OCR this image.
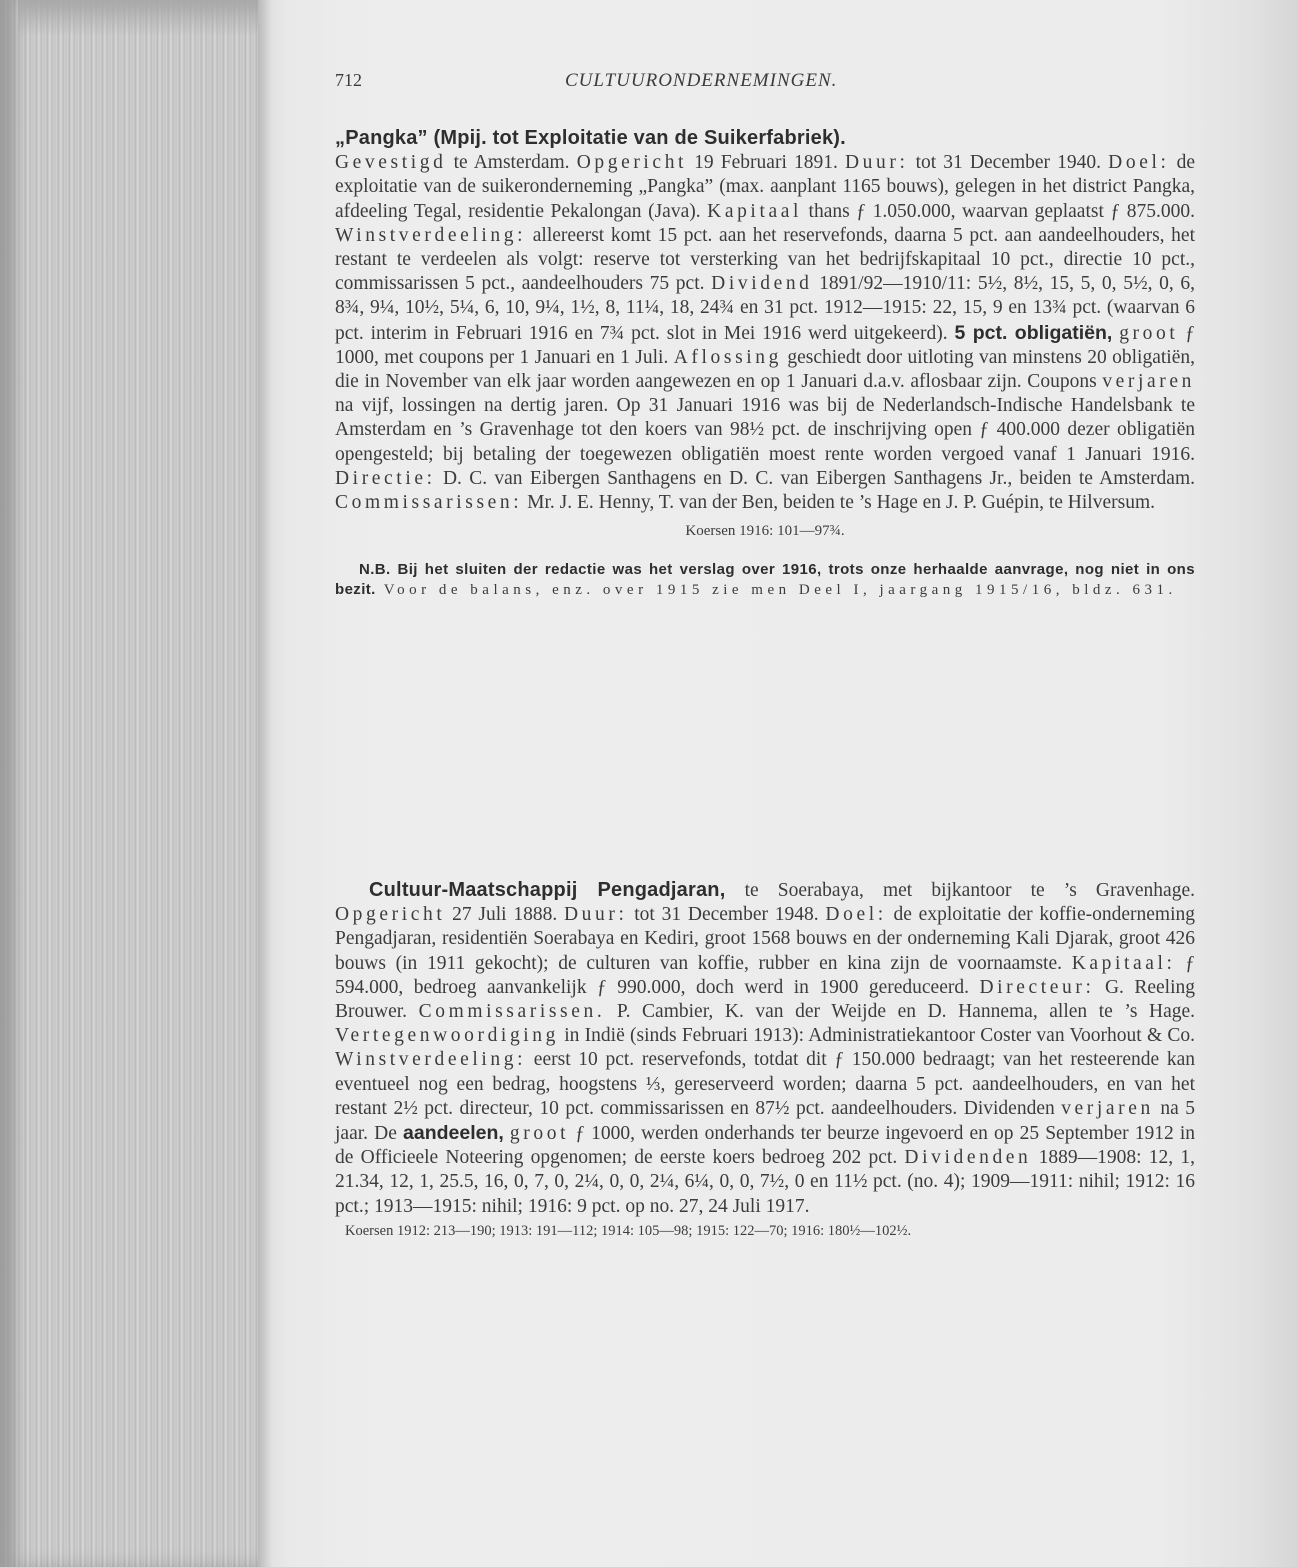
712	CULTUURONDERNEMINGEN.

„Pangka” (Mpij. tot Exploitatie van de Suikerfabriek).
Gevestigd te Amsterdam. Opgericht 19 Februari 1891. Duur: tot 31 December 1940. Doel: de exploitatie van de suikeronderneming „Pangka” (max. aanplant 1165 bouws), gelegen in het district Pangka, afdeeling Tegal, residentie Pekalongan (Java). Kapitaal thans ƒ 1.050.000, waarvan geplaatst ƒ 875.000. Winstverdeeling: allereerst komt 15 pct. aan het reservefonds, daarna 5 pct. aan aandeelhouders, het restant te verdeelen als volgt: reserve tot versterking van het bedrijfskapitaal 10 pct., directie 10 pct., commissarissen 5 pct., aandeelhouders 75 pct. Dividend 1891/92—1910/11: 5½, 8½, 15, 5, 0, 5½, 0, 6, 8¾, 9¼, 10½, 5¼, 6, 10, 9¼, 1½, 8, 11¼, 18, 24¾ en 31 pct. 1912—1915: 22, 15, 9 en 13¾ pct. (waarvan 6 pct. interim in Februari 1916 en 7¾ pct. slot in Mei 1916 werd uitgekeerd). 5 pct. obligatiën, groot ƒ 1000, met coupons per 1 Januari en 1 Juli. Aflossing geschiedt door uitloting van minstens 20 obligatiën, die in November van elk jaar worden aangewezen en op 1 Januari d.a.v. aflosbaar zijn. Coupons verjaren na vijf, lossingen na dertig jaren. Op 31 Januari 1916 was bij de Nederlandsch-Indische Handelsbank te Amsterdam en ’s Gravenhage tot den koers van 98½ pct. de inschrijving open ƒ 400.000 dezer obligatiën opengesteld; bij betaling der toegewezen obligatiën moest rente worden vergoed vanaf 1 Januari 1916. Directie: D. C. van Eibergen Santhagens en D. C. van Eibergen Santhagens Jr., beiden te Amsterdam. Commissarissen: Mr. J. E. Henny, T. van der Ben, beiden te ’s Hage en J. P. Guépin, te Hilversum.

Koersen 1916: 101—97¾.

N.B. Bij het sluiten der redactie was het verslag over 1916, trots onze herhaalde aanvrage, nog niet in ons bezit. Voor de balans, enz. over 1915 zie men Deel I, jaargang 1915/16, bldz. 631.

Cultuur-Maatschappij Pengadjaran, te Soerabaya, met bijkantoor te ’s Gravenhage. Opgericht 27 Juli 1888. Duur: tot 31 December 1948. Doel: de exploitatie der koffie-onderneming Pengadjaran, residentiën Soerabaya en Kediri, groot 1568 bouws en der onderneming Kali Djarak, groot 426 bouws (in 1911 gekocht); de culturen van koffie, rubber en kina zijn de voornaamste. Kapitaal: ƒ 594.000, bedroeg aanvankelijk ƒ 990.000, doch werd in 1900 gereduceerd. Directeur: G. Reeling Brouwer. Commissarissen. P. Cambier, K. van der Weijde en D. Hannema, allen te ’s Hage. Vertegenwoordiging in Indië (sinds Februari 1913): Administratiekantoor Coster van Voorhout & Co. Winstverdeeling: eerst 10 pct. reservefonds, totdat dit ƒ 150.000 bedraagt; van het resteerende kan eventueel nog een bedrag, hoogstens ⅓, gereserveerd worden; daarna 5 pct. aandeelhouders, en van het restant 2½ pct. directeur, 10 pct. commissarissen en 87½ pct. aandeelhouders. Dividenden verjaren na 5 jaar. De aandeelen, groot ƒ 1000, werden onderhands ter beurze ingevoerd en op 25 September 1912 in de Officieele Noteering opgenomen; de eerste koers bedroeg 202 pct. Dividenden 1889—1908: 12, 1, 21.34, 12, 1, 25.5, 16, 0, 7, 0, 2¼, 0, 0, 2¼, 6¼, 0, 0, 7½, 0 en 11½ pct. (no. 4); 1909—1911: nihil; 1912: 16 pct.; 1913—1915: nihil; 1916: 9 pct. op no. 27, 24 Juli 1917.

Koersen 1912: 213—190; 1913: 191—112; 1914: 105—98; 1915: 122—70; 1916: 180½—102½.
